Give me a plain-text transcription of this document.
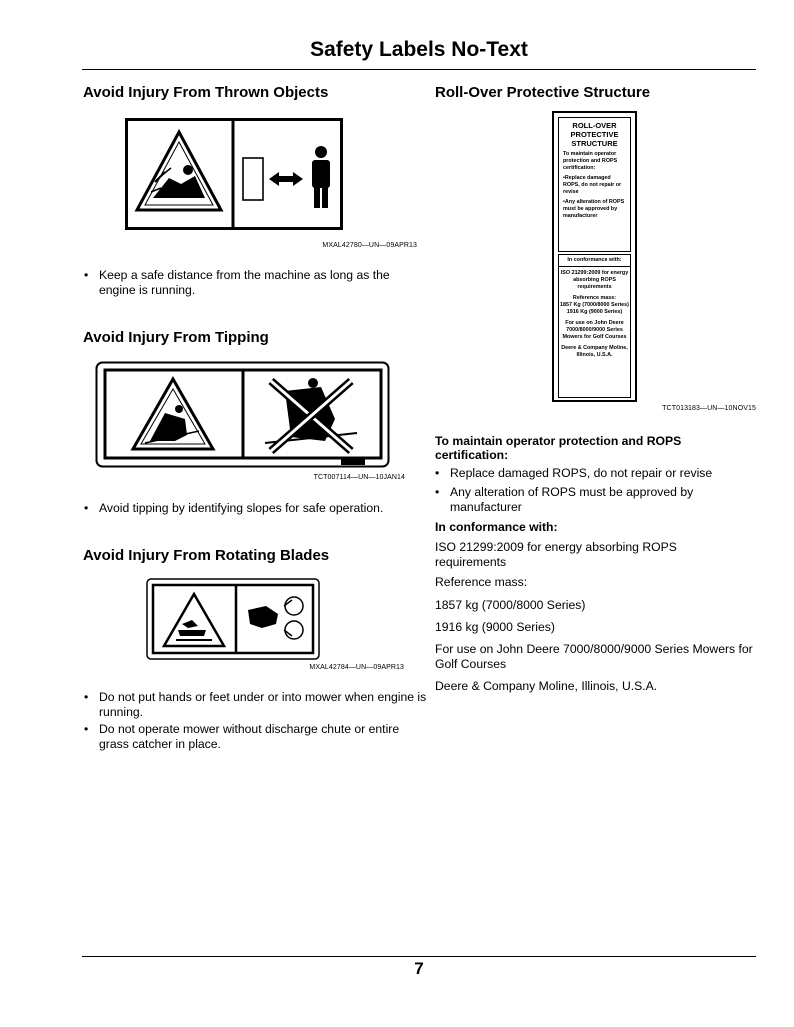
Safety Labels No-Text
Avoid Injury From Thrown Objects
MXAL42780—UN—09APR13
• Keep a safe distance from the machine as long as the engine is running.
Avoid Injury From Tipping
TCT007114—UN—10JAN14
• Avoid tipping by identifying slopes for safe operation.
Avoid Injury From Rotating Blades
MXAL42784—UN—09APR13
• Do not put hands or feet under or into mower when engine is running.
• Do not operate mower without discharge chute or entire grass catcher in place.
Roll-Over Protective Structure
ROLL-OVER PROTECTIVE STRUCTURE
To maintain operator protection and ROPS certification:
•Replace damaged ROPS, do not repair or revise
•Any alteration of ROPS must be approved by manufacturer
In conformance with:
ISO 21299:2009 for energy absorbing ROPS requirements
Reference mass:
1857 Kg (7000/8000 Series)
1916 Kg (9000 Series)
For use on John Deere 7000/8000/9000 Series Mowers for Golf Courses
Deere & Company Moline, Illinois, U.S.A.
TCT013183—UN—10NOV15
To maintain operator protection and ROPS certification:
• Replace damaged ROPS, do not repair or revise
• Any alteration of ROPS must be approved by manufacturer
In conformance with:
ISO 21299:2009 for energy absorbing ROPS requirements
Reference mass:
1857 kg (7000/8000 Series)
1916 kg (9000 Series)
For use on John Deere 7000/8000/9000 Series Mowers for Golf Courses
Deere & Company Moline, Illinois, U.S.A.
7
